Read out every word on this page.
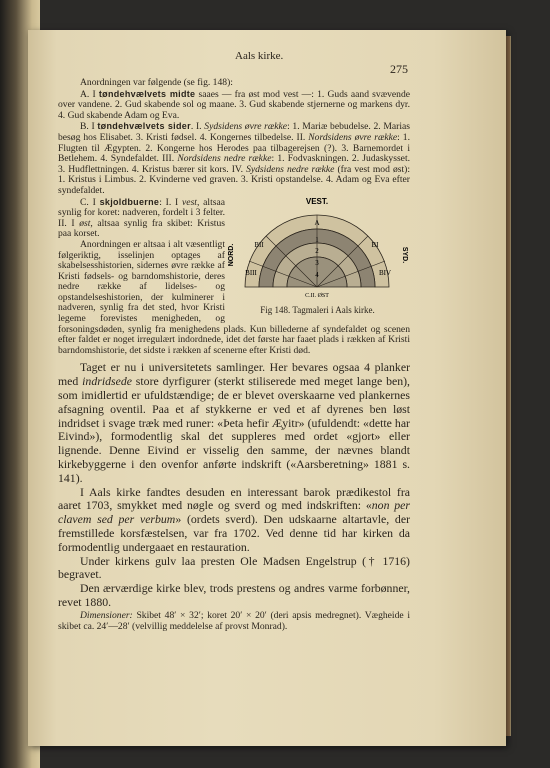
Aals kirke.
275

Anordningen var følgende (se fig. 148):

A. I tøndehvælvets midte saaes — fra øst mod vest —: 1. Guds aand svævende over vandene. 2. Gud skabende sol og maane. 3. Gud skabende stjernerne og markens dyr. 4. Gud skabende Adam og Eva.

B. I tøndehvælvets sider. I. Sydsidens øvre række: 1. Mariæ bebudelse. 2. Marias besøg hos Elisabet. 3. Kristi fødsel. 4. Kongernes tilbedelse. II. Nordsidens øvre række: 1. Flugten til Ægypten. 2. Kongerne hos Herodes paa tilbagerejsen (?). 3. Barnemordet i Betlehem. 4. Syndefaldet. III. Nordsidens nedre række: 1. Fodvaskningen. 2. Judaskysset. 3. Hudflettningen. 4. Kristus bærer sit kors. IV. Sydsidens nedre række (fra vest mod øst): 1. Kristus i Limbus. 2. Kvinderne ved graven. 3. Kristi opstandelse. 4. Adam og Eva efter syndefaldet.

VEST.
NORD.	SYD.
A
1
2
3
4
BI
BII
BIII	BIV
C.II. ØST
Fig 148. Tagmaleri i Aals kirke.

C. I skjoldbuerne: I. I vest, altsaa synlig for koret: nadveren, fordelt i 3 felter. II. I øst, altsaa synlig fra skibet: Kristus paa korset.

Anordningen er altsaa i alt væsentligt følgeriktig, isselinjen optages af skabelsesshistorien, sidernes øvre række af Kristi fødsels- og barndomshistorie, deres nedre række af lidelses- og opstandelseshistorien, der kulminerer i nadveren, synlig fra det sted, hvor Kristi legeme forevistes menigheden, og forsoningsdøden, synlig fra menighedens plads. Kun billederne af syndefaldet og scenen efter faldet er noget irregulært indordnede, idet det første har faaet plads i rækken af Kristi barndomshistorie, det sidste i rækken af scenerne efter Kristi død.

Taget er nu i universitetets samlinger. Her bevares ogsaa 4 planker med indridsede store dyrfigurer (sterkt stiliserede med meget lange ben), som imidlertid er ufuldstændige; de er blevet overskaarne ved plankernes afsagning oventil. Paa et af stykkerne er ved et af dyrenes ben løst indridset i svage træk med runer: «Þeta hefir Æ̧yitr» (ufuldendt: «dette har Eivind»), formodentlig skal det suppleres med ordet «gjort» eller lignende. Denne Eivind er visselig den samme, der nævnes blandt kirkebyggerne i den ovenfor anførte indskrift («Aarsberetning» 1881 s. 141).

I Aals kirke fandtes desuden en interessant barok prædikestol fra aaret 1703, smykket med nøgle og sverd og med indskriften: «non per clavem sed per verbum» (ordets sverd). Den udskaarne altartavle, der fremstillede korsfæstelsen, var fra 1702. Ved denne tid har kirken da formodentlig undergaaet en restauration.

Under kirkens gulv laa presten Ole Madsen Engelstrup († 1716) begravet.

Den ærværdige kirke blev, trods prestens og andres varme forbønner, revet 1880.

Dimensioner: Skibet 48′ × 32′; koret 20′ × 20′ (deri apsis medregnet). Vægheide i skibet ca. 24′—28′ (velvillig meddelelse af provst Monrad).
